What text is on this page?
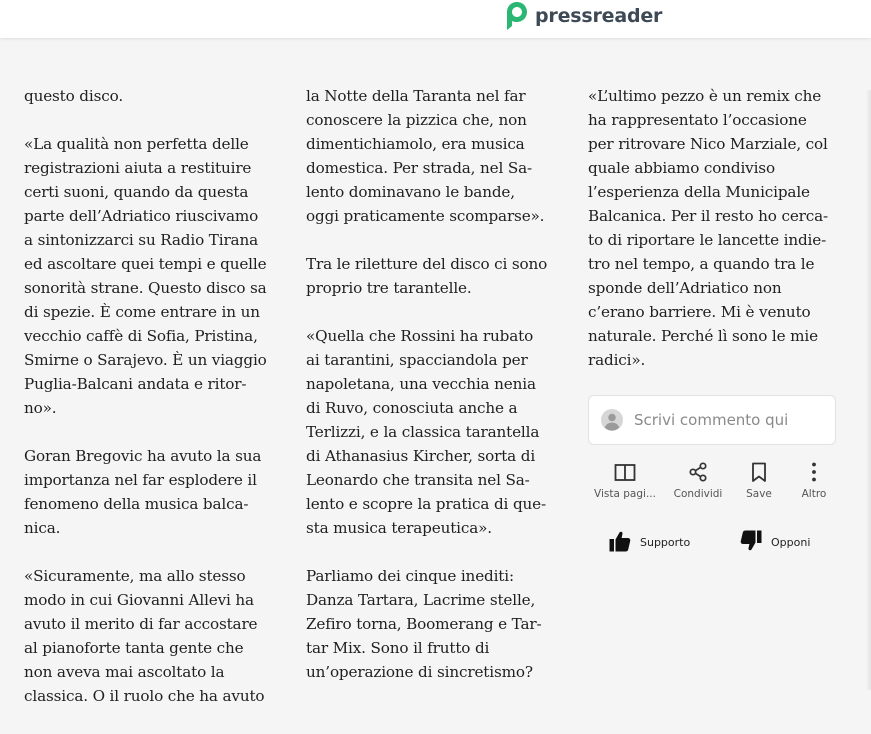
pressreader

questo disco.

«La qualità non perfetta delle
registrazioni aiuta a restituire
certi suoni, quando da questa
parte dell’Adriatico riuscivamo
a sintonizzarci su Radio Tirana
ed ascoltare quei tempi e quelle
sonorità strane. Questo disco sa
di spezie. È come entrare in un
vecchio caffè di Sofia, Pristina,
Smirne o Sarajevo. È un viaggio
Puglia-Balcani andata e ritor-
no».

Goran Bregovic ha avuto la sua
importanza nel far esplodere il
fenomeno della musica balca-
nica.

«Sicuramente, ma allo stesso
modo in cui Giovanni Allevi ha
avuto il merito di far accostare
al pianoforte tanta gente che
non aveva mai ascoltato la
classica. O il ruolo che ha avuto

la Notte della Taranta nel far
conoscere la pizzica che, non
dimentichiamolo, era musica
domestica. Per strada, nel Sa-
lento dominavano le bande,
oggi praticamente scomparse».

Tra le riletture del disco ci sono
proprio tre tarantelle.

«Quella che Rossini ha rubato
ai tarantini, spacciandola per
napoletana, una vecchia nenia
di Ruvo, conosciuta anche a
Terlizzi, e la classica tarantella
di Athanasius Kircher, sorta di
Leonardo che transita nel Sa-
lento e scopre la pratica di que-
sta musica terapeutica».

Parliamo dei cinque inediti:
Danza Tartara, Lacrime stelle,
Zefiro torna, Boomerang e Tar-
tar Mix. Sono il frutto di
un’operazione di sincretismo?

«L’ultimo pezzo è un remix che
ha rappresentato l’occasione
per ritrovare Nico Marziale, col
quale abbiamo condiviso
l’esperienza della Municipale
Balcanica. Per il resto ho cerca-
to di riportare le lancette indie-
tro nel tempo, a quando tra le
sponde dell’Adriatico non
c’erano barriere. Mi è venuto
naturale. Perché lì sono le mie
radici».

Scrivi commento qui
Vista pagi...	Condividi	Save	Altro
Supporto	Opponi
